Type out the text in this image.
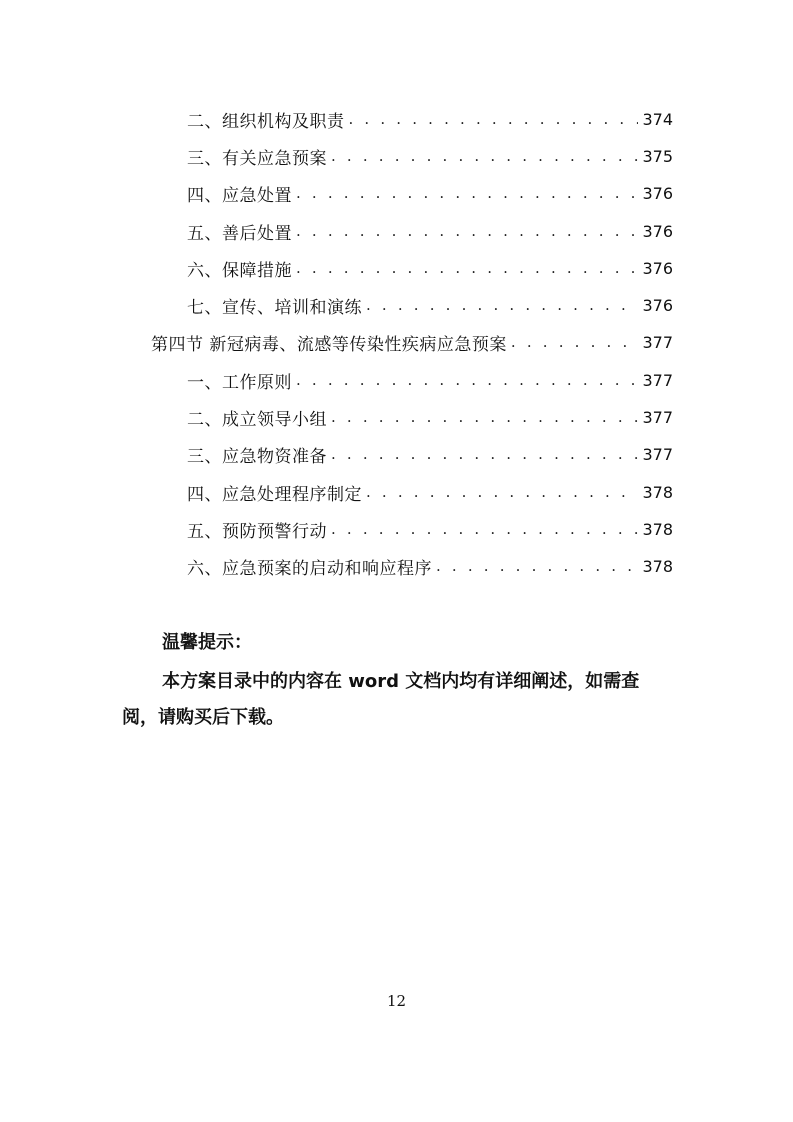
二、组织机构及职责 . . .	374
三、有关应急预案 . . .	375
四、应急处置 . . .	376
五、善后处置 . . .	376
六、保障措施 . . .	376
七、宣传、培训和演练 . . .	376
第四节 新冠病毒、流感等传染性疾病应急预案 . . .	377
一、工作原则 . . .	377
二、成立领导小组 . . .	377
三、应急物资准备 . . .	377
四、应急处理程序制定 . . .	378
五、预防预警行动 . . .	378
六、应急预案的启动和响应程序 . . .	378
温馨提示：
本方案目录中的内容在 word 文档内均有详细阐述，如需查阅，请购买后下载。
12
